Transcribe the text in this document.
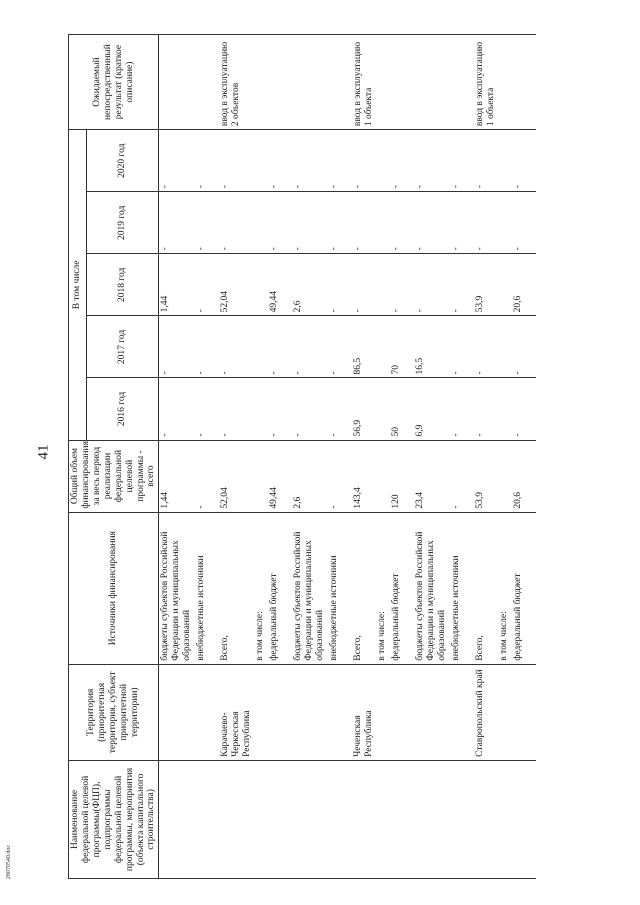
41
28070540.doc
Наименование федеральной целевой программы(ФЦП), подпрограммы федеральной целевой программы, мероприятия (объекта капитального строительства)	Территория (приоритетная территория, субъект приоритетной территории)	Источники финансирования	Общий объем финансирования за весь период реализации федеральной целевой программы - всего	В том числе					Ожидаемый непосредственный результат (краткое описание)
				2016 год	2017 год	2018 год	2019 год	2020 год	
		бюджеты субъектов Российской Федерации и муниципальных образований	1,44	-	-	1,44	-	-	
		внебюджетные источники	-	-	-	-	-	-	
	Карачаево-Черкесская Республика	Всего,	52,04	-	-	52,04	-	-	ввод в эксплуатацию 2 объектов
		в том числе:							
		федеральный бюджет	49,44	-	-	49,44	-	-	
		бюджеты субъектов Российской Федерации и муниципальных образований	2,6	-	-	2,6	-	-	
		внебюджетные источники	-	-	-	-	-	-	
	Чеченская Республика	Всего,	143,4	56,9	86,5	-	-	-	ввод в эксплуатацию 1 объекта
		в том числе:							
		федеральный бюджет	120	50	70	-	-	-	
		бюджеты субъектов Российской Федерации и муниципальных образований	23,4	6,9	16,5	-	-	-	
		внебюджетные источники	-	-	-	-	-	-	
	Ставропольский край	Всего,	53,9	-	-	53,9	-	-	ввод в эксплуатацию 1 объекта
		в том числе:							
		федеральный бюджет	20,6	-	-	20,6	-	-	
